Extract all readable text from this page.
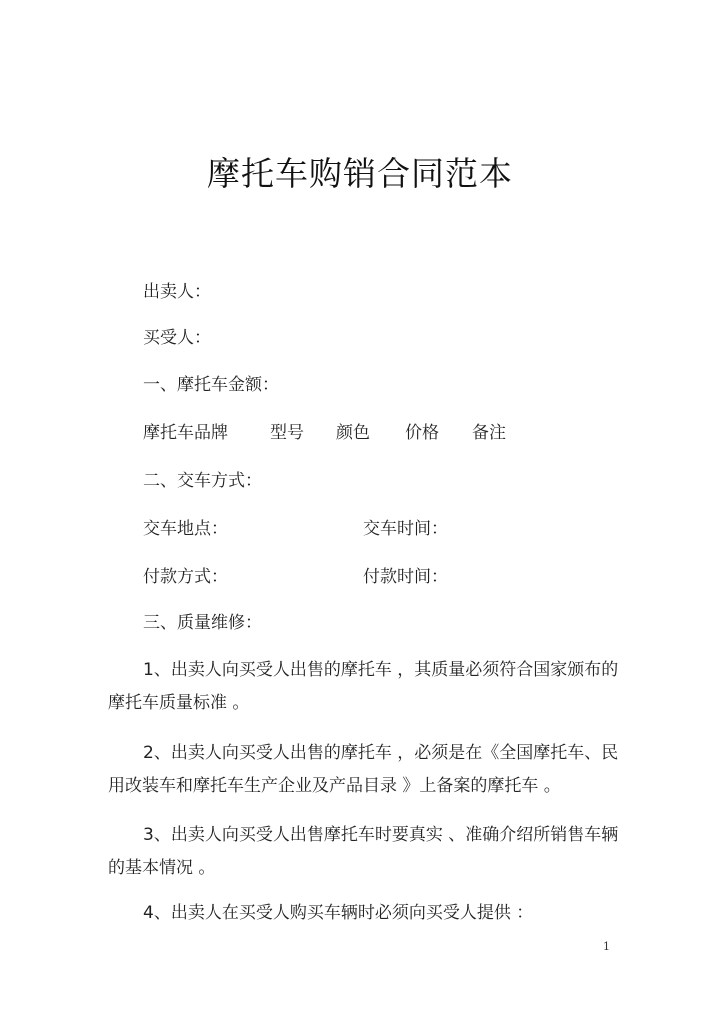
摩托车购销合同范本
出卖人：
买受人：
一、摩托车金额：
摩托车品牌 型号 颜色 价格 备注
二、交车方式：
交车地点：	交车时间：
付款方式：	付款时间：
三、质量维修：
1、出卖人向买受人出售的摩托车 ，其质量必须符合国家颁布的
摩托车质量标准 。
2、出卖人向买受人出售的摩托车 ，必须是在《全国摩托车、民
用改装车和摩托车生产企业及产品目录 》上备案的摩托车 。
3、出卖人向买受人出售摩托车时要真实 、准确介绍所销售车辆
的基本情况 。
4、出卖人在买受人购买车辆时必须向买受人提供 ：
1
